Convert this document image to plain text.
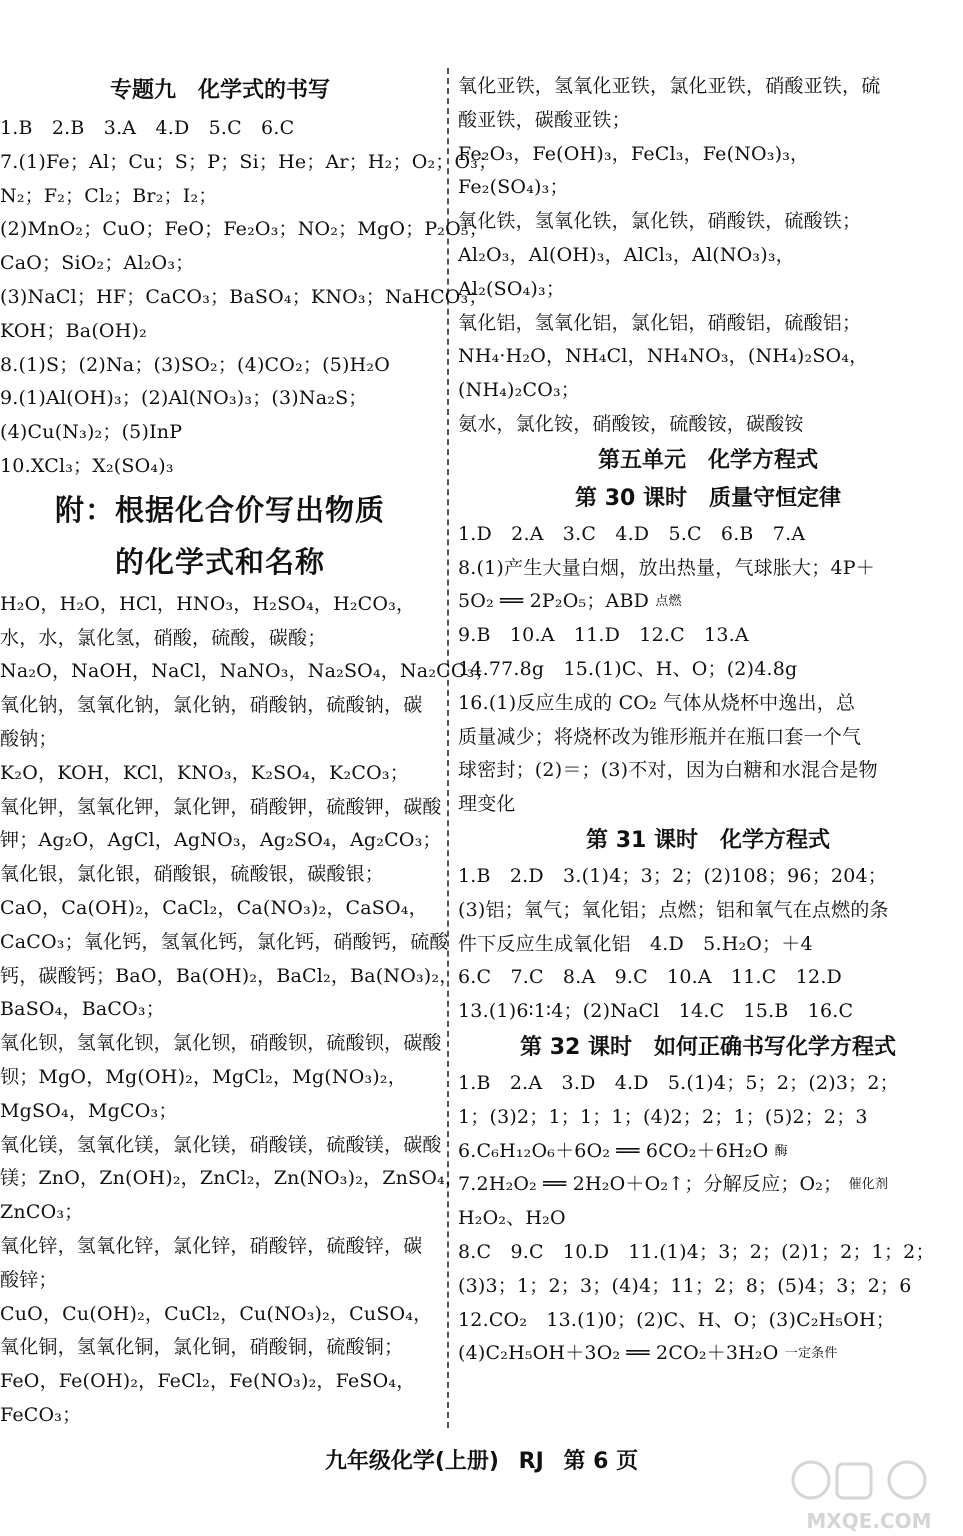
专题九　化学式的书写
1.B　2.B　3.A　4.D　5.C　6.C
7.(1)Fe；Al；Cu；S；P；Si；He；Ar；H₂；O₂；O₃；
N₂；F₂；Cl₂；Br₂；I₂；
(2)MnO₂；CuO；FeO；Fe₂O₃；NO₂；MgO；P₂O₅；
CaO；SiO₂；Al₂O₃；
(3)NaCl；HF；CaCO₃；BaSO₄；KNO₃；NaHCO₃；
KOH；Ba(OH)₂
8.(1)S；(2)Na；(3)SO₂；(4)CO₂；(5)H₂O
9.(1)Al(OH)₃；(2)Al(NO₃)₃；(3)Na₂S；
(4)Cu(N₃)₂；(5)InP
10.XCl₃；X₂(SO₄)₃
附：根据化合价写出物质
的化学式和名称
H₂O，H₂O，HCl，HNO₃，H₂SO₄，H₂CO₃，
水，水，氯化氢，硝酸，硫酸，碳酸；
Na₂O，NaOH，NaCl，NaNO₃，Na₂SO₄，Na₂CO₃；
氧化钠，氢氧化钠，氯化钠，硝酸钠，硫酸钠，碳
酸钠；
K₂O，KOH，KCl，KNO₃，K₂SO₄，K₂CO₃；
氧化钾，氢氧化钾，氯化钾，硝酸钾，硫酸钾，碳酸
钾；Ag₂O，AgCl，AgNO₃，Ag₂SO₄，Ag₂CO₃；
氧化银，氯化银，硝酸银，硫酸银，碳酸银；
CaO，Ca(OH)₂，CaCl₂，Ca(NO₃)₂，CaSO₄，
CaCO₃；氧化钙，氢氧化钙，氯化钙，硝酸钙，硫酸
钙，碳酸钙；BaO，Ba(OH)₂，BaCl₂，Ba(NO₃)₂，
BaSO₄，BaCO₃；
氧化钡，氢氧化钡，氯化钡，硝酸钡，硫酸钡，碳酸
钡；MgO，Mg(OH)₂，MgCl₂，Mg(NO₃)₂，
MgSO₄，MgCO₃；
氧化镁，氢氧化镁，氯化镁，硝酸镁，硫酸镁，碳酸
镁；ZnO，Zn(OH)₂，ZnCl₂，Zn(NO₃)₂，ZnSO₄，
ZnCO₃；
氧化锌，氢氧化锌，氯化锌，硝酸锌，硫酸锌，碳
酸锌；
CuO，Cu(OH)₂，CuCl₂，Cu(NO₃)₂，CuSO₄，
氧化铜，氢氧化铜，氯化铜，硝酸铜，硫酸铜；
FeO，Fe(OH)₂，FeCl₂，Fe(NO₃)₂，FeSO₄，
FeCO₃；
氧化亚铁，氢氧化亚铁，氯化亚铁，硝酸亚铁，硫
酸亚铁，碳酸亚铁；
Fe₂O₃，Fe(OH)₃，FeCl₃，Fe(NO₃)₃，
Fe₂(SO₄)₃；
氧化铁，氢氧化铁，氯化铁，硝酸铁，硫酸铁；
Al₂O₃，Al(OH)₃，AlCl₃，Al(NO₃)₃，
Al₂(SO₄)₃；
氧化铝，氢氧化铝，氯化铝，硝酸铝，硫酸铝；
NH₄·H₂O，NH₄Cl，NH₄NO₃，(NH₄)₂SO₄，
(NH₄)₂CO₃；
氨水，氯化铵，硝酸铵，硫酸铵，碳酸铵
第五单元　化学方程式
第 30 课时　质量守恒定律
1.D　2.A　3.C　4.D　5.C　6.B　7.A
8.(1)产生大量白烟，放出热量，气球胀大；4P＋
5O₂ ══ 2P₂O₅；ABD $^{点燃}$
9.B　10.A　11.D　12.C　13.A
14.77.8g　15.(1)C、H、O；(2)4.8g
16.(1)反应生成的 CO₂ 气体从烧杯中逸出，总
质量减少；将烧杯改为锥形瓶并在瓶口套一个气
球密封；(2)＝；(3)不对，因为白糖和水混合是物
理变化
第 31 课时　化学方程式
1.B　2.D　3.(1)4；3；2；(2)108；96；204；
(3)铝；氧气；氧化铝；点燃；铝和氧气在点燃的条
件下反应生成氧化铝　4.D　5.H₂O；＋4
6.C　7.C　8.A　9.C　10.A　11.C　12.D
13.(1)6∶1∶4；(2)NaCl　14.C　15.B　16.C
第 32 课时　如何正确书写化学方程式
1.B　2.A　3.D　4.D　5.(1)4；5；2；(2)3；2；
1；(3)2；1；1；1；(4)2；2；1；(5)2；2；3
6.C₆H₁₂O₆＋6O₂ ══ 6CO₂＋6H₂O $^酶$
7.2H₂O₂ ══ 2H₂O＋O₂↑；分解反应；O₂； $^{催化剂}$
H₂O₂、H₂O
8.C　9.C　10.D　11.(1)4；3；2；(2)1；2；1；2；
(3)3；1；2；3；(4)4；11；2；8；(5)4；3；2；6
12.CO₂　13.(1)0；(2)C、H、O；(3)C₂H₅OH；
(4)C₂H₅OH＋3O₂ ══ 2CO₂＋3H₂O $^{一定条件}$
九年级化学(上册) RJ 第 6 页
MXQE.COM
